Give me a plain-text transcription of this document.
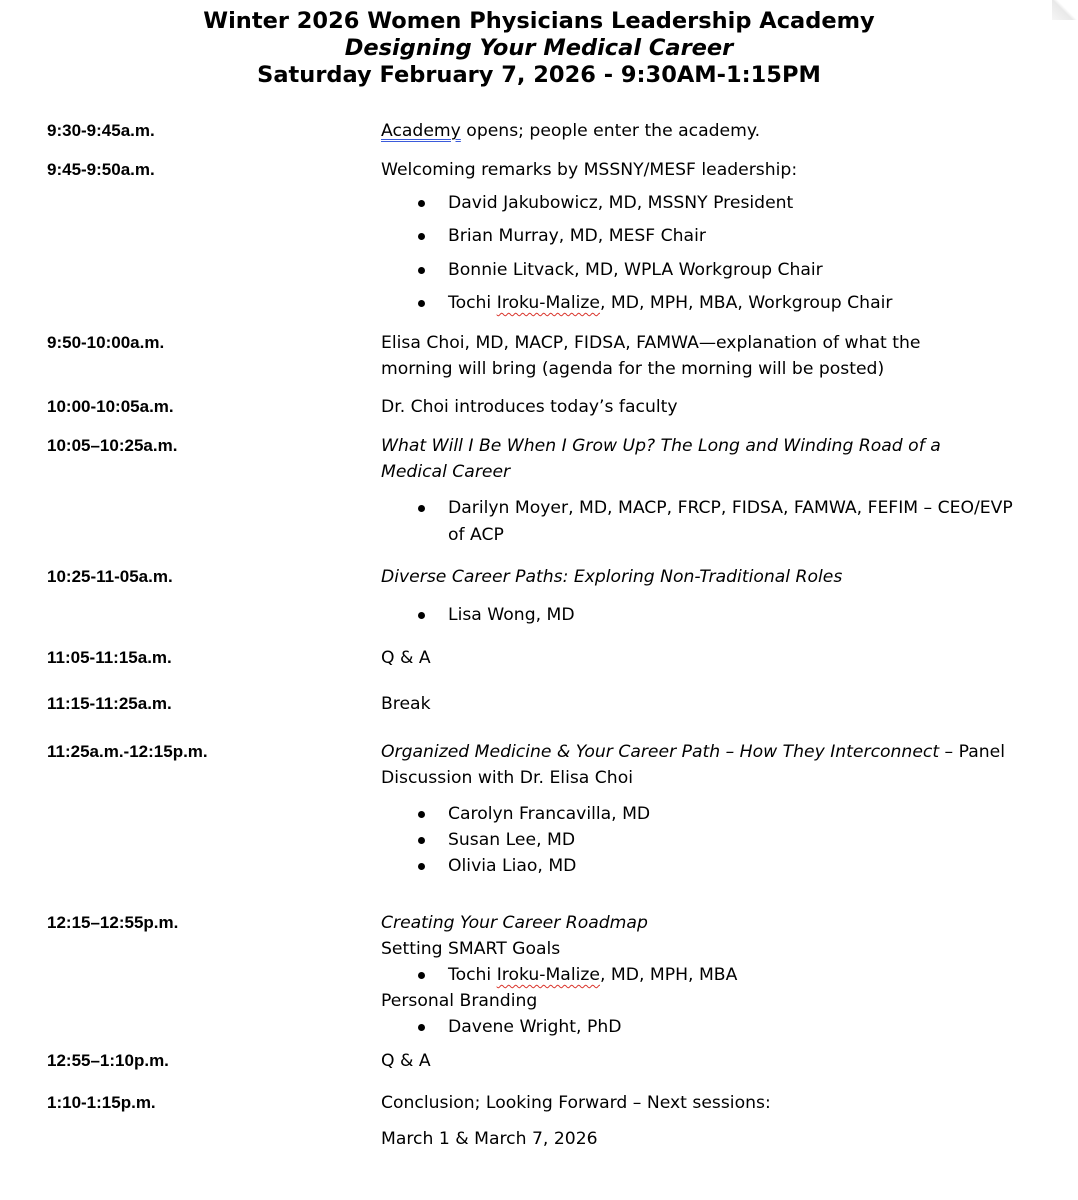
Winter 2026 Women Physicians Leadership Academy
Designing Your Medical Career
Saturday February 7, 2026 - 9:30AM-1:15PM
9:30-9:45a.m.	Academy opens; people enter the academy.
9:45-9:50a.m.	Welcoming remarks by MSSNY/MESF leadership:
David Jakubowicz, MD, MSSNY President
Brian Murray, MD, MESF Chair
Bonnie Litvack, MD, WPLA Workgroup Chair
Tochi Iroku-Malize, MD, MPH, MBA, Workgroup Chair
9:50-10:00a.m.	Elisa Choi, MD, MACP, FIDSA, FAMWA—explanation of what the morning will bring (agenda for the morning will be posted)
10:00-10:05a.m.	Dr. Choi introduces today’s faculty
10:05–10:25a.m.	What Will I Be When I Grow Up? The Long and Winding Road of a Medical Career
Darilyn Moyer, MD, MACP, FRCP, FIDSA, FAMWA, FEFIM – CEO/EVP of ACP
10:25-11-05a.m.	Diverse Career Paths: Exploring Non-Traditional Roles
Lisa Wong, MD
11:05-11:15a.m.	Q & A
11:15-11:25a.m.	Break
11:25a.m.-12:15p.m.	Organized Medicine & Your Career Path – How They Interconnect – Panel Discussion with Dr. Elisa Choi
Carolyn Francavilla, MD
Susan Lee, MD
Olivia Liao, MD
12:15–12:55p.m.	Creating Your Career Roadmap
Setting SMART Goals
Tochi Iroku-Malize, MD, MPH, MBA
Personal Branding
Davene Wright, PhD
12:55–1:10p.m.	Q & A
1:10-1:15p.m.	Conclusion; Looking Forward – Next sessions:
March 1 & March 7, 2026
